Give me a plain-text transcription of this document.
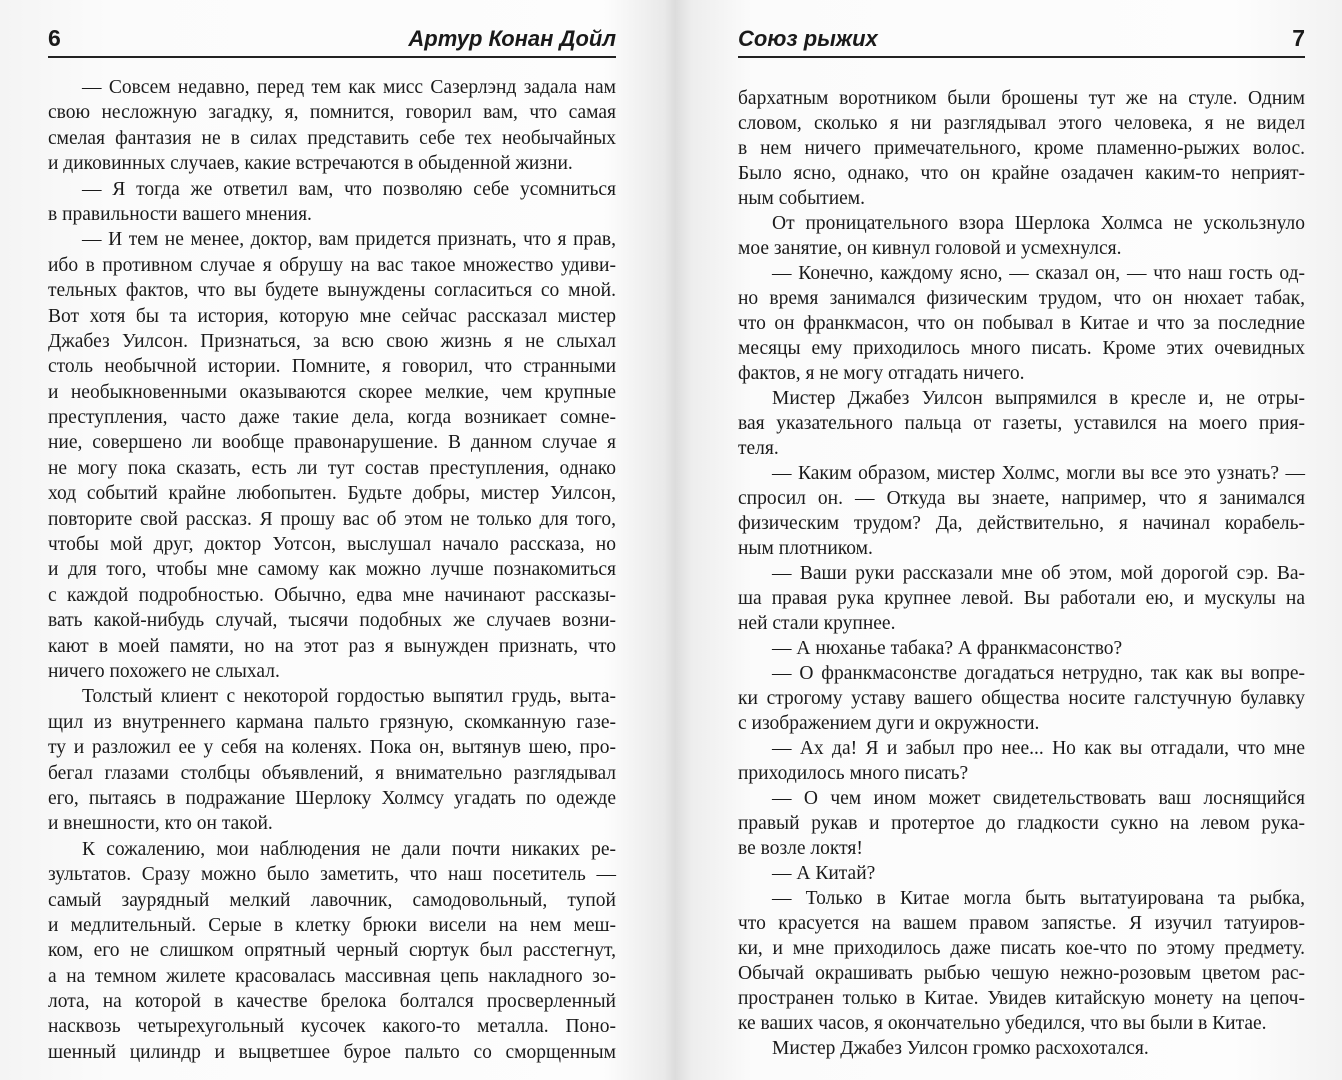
6	Артур Конан Дойл
— Совсем недавно, перед тем как мисс Сазерлэнд задала нам
свою несложную загадку, я, помнится, говорил вам, что самая
смелая фантазия не в силах представить себе тех необычайных
и диковинных случаев, какие встречаются в обыденной жизни.
— Я тогда же ответил вам, что позволяю себе усомниться
в правильности вашего мнения.
— И тем не менее, доктор, вам придется признать, что я прав,
ибо в противном случае я обрушу на вас такое множество удиви-
тельных фактов, что вы будете вынуждены согласиться со мной.
Вот хотя бы та история, которую мне сейчас рассказал мистер
Джабез Уилсон. Признаться, за всю свою жизнь я не слыхал
столь необычной истории. Помните, я говорил, что странными
и необыкновенными оказываются скорее мелкие, чем крупные
преступления, часто даже такие дела, когда возникает сомне-
ние, совершено ли вообще правонарушение. В данном случае я
не могу пока сказать, есть ли тут состав преступления, однако
ход событий крайне любопытен. Будьте добры, мистер Уилсон,
повторите свой рассказ. Я прошу вас об этом не только для того,
чтобы мой друг, доктор Уотсон, выслушал начало рассказа, но
и для того, чтобы мне самому как можно лучше познакомиться
с каждой подробностью. Обычно, едва мне начинают рассказы-
вать какой-нибудь случай, тысячи подобных же случаев возни-
кают в моей памяти, но на этот раз я вынужден признать, что
ничего похожего не слыхал.
Толстый клиент с некоторой гордостью выпятил грудь, выта-
щил из внутреннего кармана пальто грязную, скомканную газе-
ту и разложил ее у себя на коленях. Пока он, вытянув шею, про-
бегал глазами столбцы объявлений, я внимательно разглядывал
его, пытаясь в подражание Шерлоку Холмсу угадать по одежде
и внешности, кто он такой.
К сожалению, мои наблюдения не дали почти никаких ре-
зультатов. Сразу можно было заметить, что наш посетитель —
самый заурядный мелкий лавочник, самодовольный, тупой
и медлительный. Серые в клетку брюки висели на нем меш-
ком, его не слишком опрятный черный сюртук был расстегнут,
а на темном жилете красовалась массивная цепь накладного зо-
лота, на которой в качестве брелока болтался просверленный
насквозь четырехугольный кусочек какого-то металла. Поно-
шенный цилиндр и выцветшее бурое пальто со сморщенным
Союз рыжих	7
бархатным воротником были брошены тут же на стуле. Одним
словом, сколько я ни разглядывал этого человека, я не видел
в нем ничего примечательного, кроме пламенно-рыжих волос.
Было ясно, однако, что он крайне озадачен каким-то неприят-
ным событием.
От проницательного взора Шерлока Холмса не ускользнуло
мое занятие, он кивнул головой и усмехнулся.
— Конечно, каждому ясно, — сказал он, — что наш гость од-
но время занимался физическим трудом, что он нюхает табак,
что он франкмасон, что он побывал в Китае и что за последние
месяцы ему приходилось много писать. Кроме этих очевидных
фактов, я не могу отгадать ничего.
Мистер Джабез Уилсон выпрямился в кресле и, не отры-
вая указательного пальца от газеты, уставился на моего прия-
теля.
— Каким образом, мистер Холмс, могли вы все это узнать? —
спросил он. — Откуда вы знаете, например, что я занимался
физическим трудом? Да, действительно, я начинал корабель-
ным плотником.
— Ваши руки рассказали мне об этом, мой дорогой сэр. Ва-
ша правая рука крупнее левой. Вы работали ею, и мускулы на
ней стали крупнее.
— А нюханье табака? А франкмасонство?
— О франкмасонстве догадаться нетрудно, так как вы вопре-
ки строгому уставу вашего общества носите галстучную булавку
с изображением дуги и окружности.
— Ах да! Я и забыл про нее... Но как вы отгадали, что мне
приходилось много писать?
— О чем ином может свидетельствовать ваш лоснящийся
правый рукав и протертое до гладкости сукно на левом рука-
ве возле локтя!
— А Китай?
— Только в Китае могла быть вытатуирована та рыбка,
что красуется на вашем правом запястье. Я изучил татуиров-
ки, и мне приходилось даже писать кое-что по этому предмету.
Обычай окрашивать рыбью чешую нежно-розовым цветом рас-
пространен только в Китае. Увидев китайскую монету на цепоч-
ке ваших часов, я окончательно убедился, что вы были в Китае.
Мистер Джабез Уилсон громко расхохотался.
